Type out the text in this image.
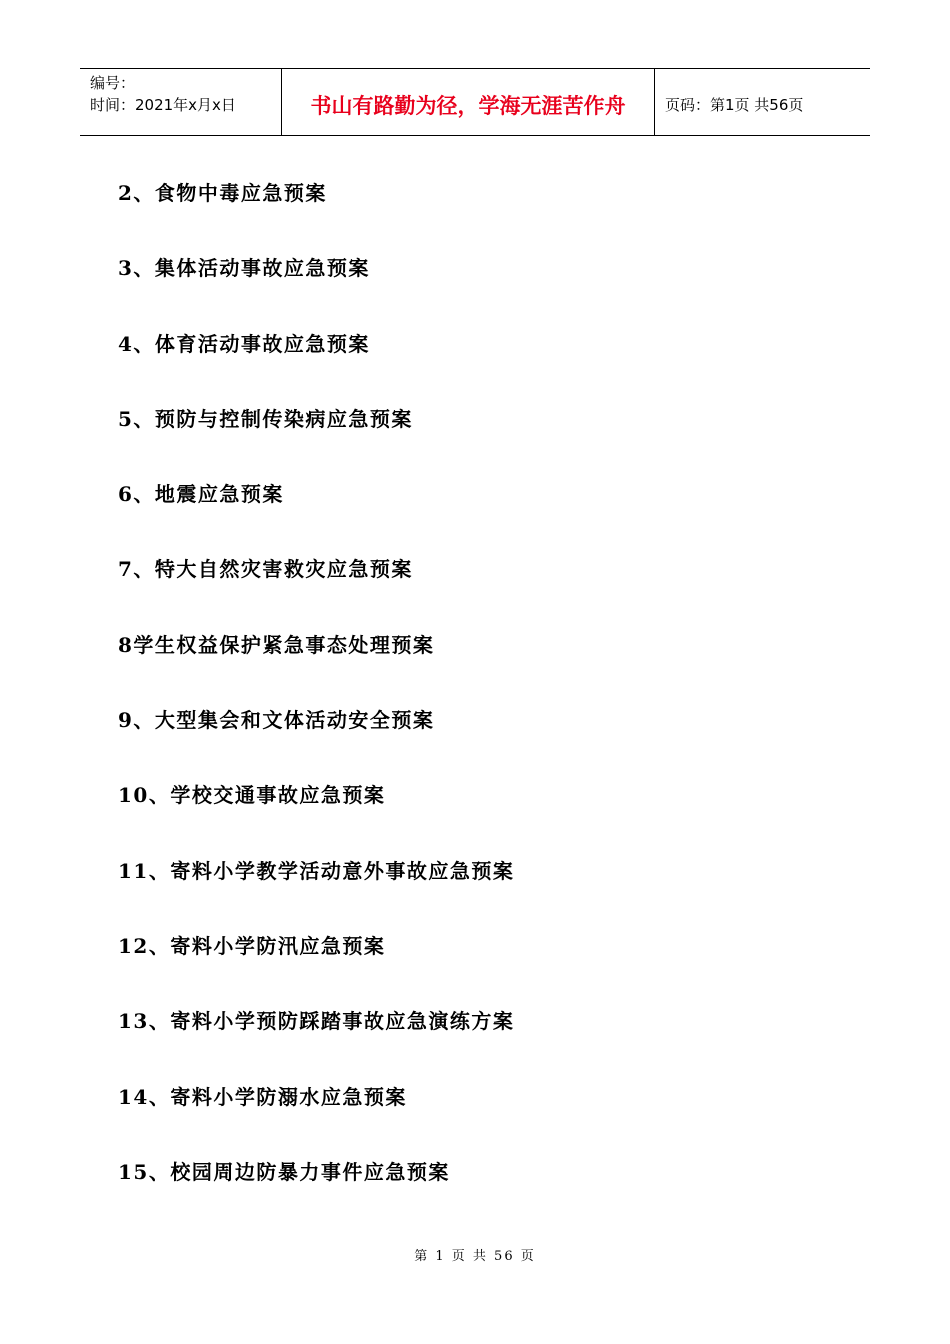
编号：
时间：2021年x月x日	书山有路勤为径，学海无涯苦作舟	页码：第1页 共56页
2、食物中毒应急预案
3、集体活动事故应急预案
4、体育活动事故应急预案
5、预防与控制传染病应急预案
6、地震应急预案
7、特大自然灾害救灾应急预案
8学生权益保护紧急事态处理预案
9、大型集会和文体活动安全预案
10、学校交通事故应急预案
11、寄料小学教学活动意外事故应急预案
12、寄料小学防汛应急预案
13、寄料小学预防踩踏事故应急演练方案
14、寄料小学防溺水应急预案
15、校园周边防暴力事件应急预案
第 1 页 共 56 页
